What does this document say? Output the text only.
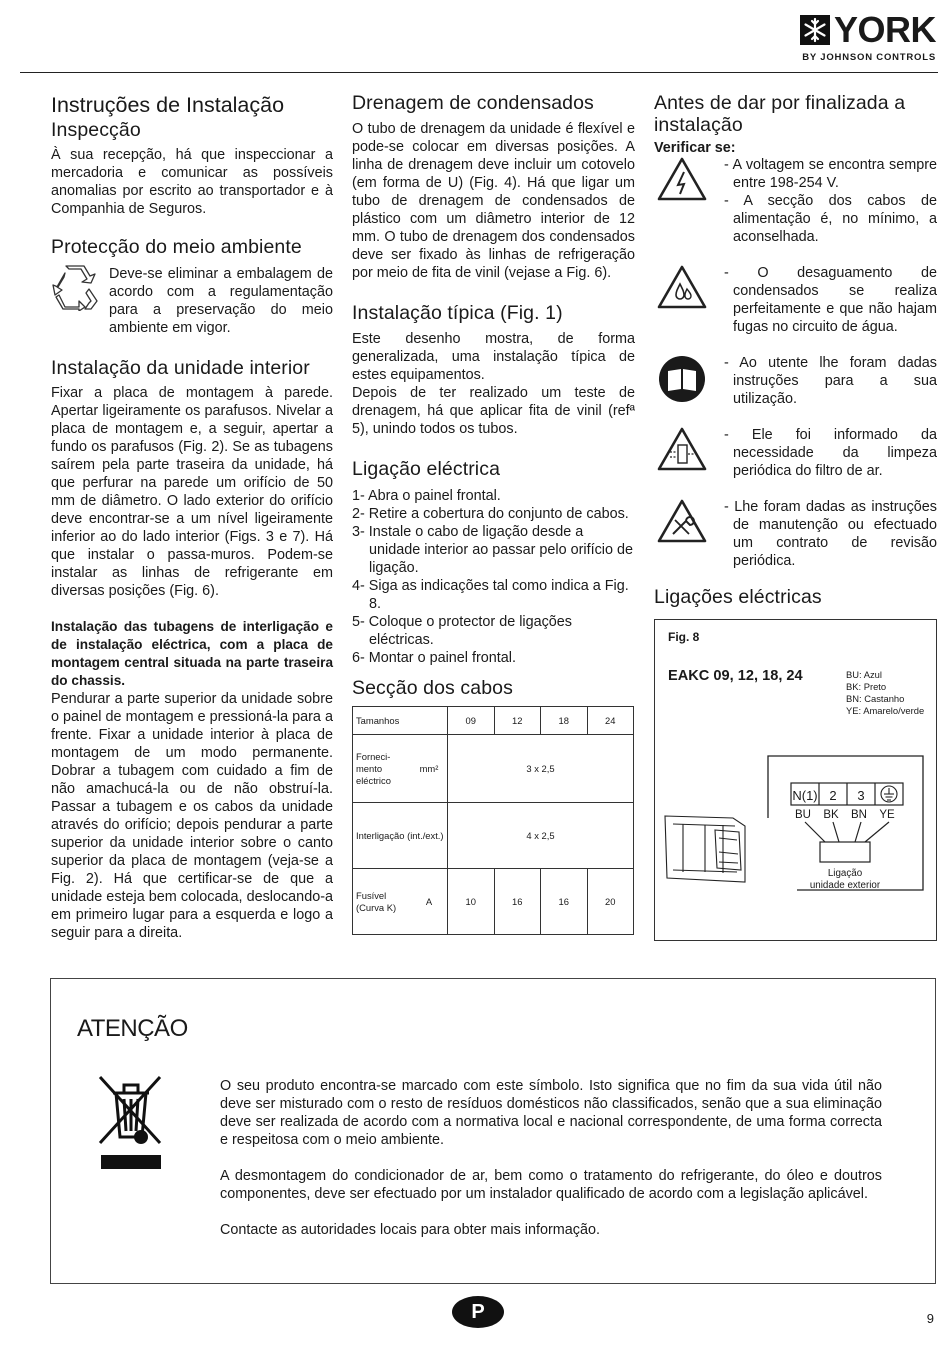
YORK
BY JOHNSON CONTROLS
Instruções de Instalação
Inspecção

À sua recepção, há que inspeccionar a mercadoria e comunicar as possíveis anomalias por escrito ao transportador e à Companhia de Seguros.

Protecção do meio ambiente

Deve-se eliminar a embalagem de acordo com a regulamentação para a preservação do meio ambiente em vigor.

Instalação da unidade interior

Fixar a placa de montagem à parede. Apertar ligeiramente os parafusos. Nivelar a placa de montagem e, a seguir, apertar a fundo os parafusos (Fig. 2). Se as tubagens saírem pela parte traseira da unidade, há que perfurar na parede um orifício de 50 mm de diâmetro. O lado exterior do orifício deve encontrar-se a um nível ligeiramente inferior ao do lado interior (Figs. 3 e 7). Há que instalar o passa-muros. Podem-se instalar as linhas de refrigerante em diversas posições (Fig. 6).

Instalação das tubagens de interligação e de instalação eléctrica, com a placa de montagem central situada na parte traseira do chassis.

Pendurar a parte superior da unidade sobre o painel de montagem e pressioná-la para a frente. Fixar a unidade interior à placa de montagem de um modo permanente. Dobrar a tubagem com cuidado a fim de não amachucá-la ou de não obstruí-la. Passar a tubagem e os cabos da unidade através do orifício; depois pendurar a parte superior da unidade interior sobre o canto superior da placa de montagem (veja-se a Fig. 2). Há que certificar-se de que a unidade esteja bem colocada, deslocando-a em primeiro lugar para a esquerda e logo a seguir para a direita.

Drenagem de condensados

O tubo de drenagem da unidade é flexível e pode-se colocar em diversas posições. A linha de drenagem deve incluir um cotovelo (em forma de U) (Fig. 4). Há que ligar um tubo de drenagem de condensados de plástico com um diâmetro interior de 12 mm. O tubo de drenagem dos condensados deve ser fixado às linhas de refrigeração por meio de fita de vinil (vejase a Fig. 6).

Instalação típica (Fig. 1)

Este desenho mostra, de forma generalizada, uma instalação típica de estes equipamentos.

Depois de ter realizado um teste de drenagem, há que aplicar fita de vinil (refª 5), unindo todos os tubos.

Ligação eléctrica
1- Abra o painel frontal.
2- Retire a cobertura do conjunto de cabos.
3- Instale o cabo de ligação desde a unidade interior ao passar pelo orifício de ligação.
4- Siga as indicações tal como indica a Fig. 8.
5- Coloque o protector de ligações eléctricas.
6- Montar o painel frontal.
Secção dos cabos
Tamanhos		09	12	18	24
Forneci-mento eléctrico	mm²	3 x 2,5			
Interligação (int./ext.)		4 x 2,5			
Fusível (Curva K)	A	10	16	16	20
Antes de dar por finalizada a instalação
Verificar se:
- A voltagem se encontra sempre entre 198-254 V.
- A secção dos cabos de alimentação é, no mínimo, a aconselhada.
- O desaguamento de condensados se realiza perfeitamente e que não hajam fugas no circuito de água.
- Ao utente lhe foram dadas instruções para a sua utilização.
- Ele foi informado da necessidade da limpeza periódica do filtro de ar.
- Lhe foram dadas as instruções de manutenção ou efectuado um contrato de revisão periódica.
Ligações eléctricas
Fig. 8
EAKC 09, 12, 18, 24	BU: Azul
BK: Preto
BN: Castanho
YE: Amarelo/verde
N(1) 2	3
BU	BK	BN	YE
Ligação
unidade exterior
ATENÇÃO

O seu produto encontra-se marcado com este símbolo. Isto significa que no fim da sua vida útil não deve ser misturado com o resto de resíduos domésticos não classificados, senão que a sua eliminação deve ser realizada de acordo com a normativa local e nacional correspondente, de uma forma correcta e respeitosa com o meio ambiente.

A desmontagem do condicionador de ar, bem como o tratamento do refrigerante, do óleo e doutros componentes, deve ser efectuado por um instalador qualificado de acordo com a legislação aplicável.

Contacte as autoridades locais para obter mais informação.

P	9
